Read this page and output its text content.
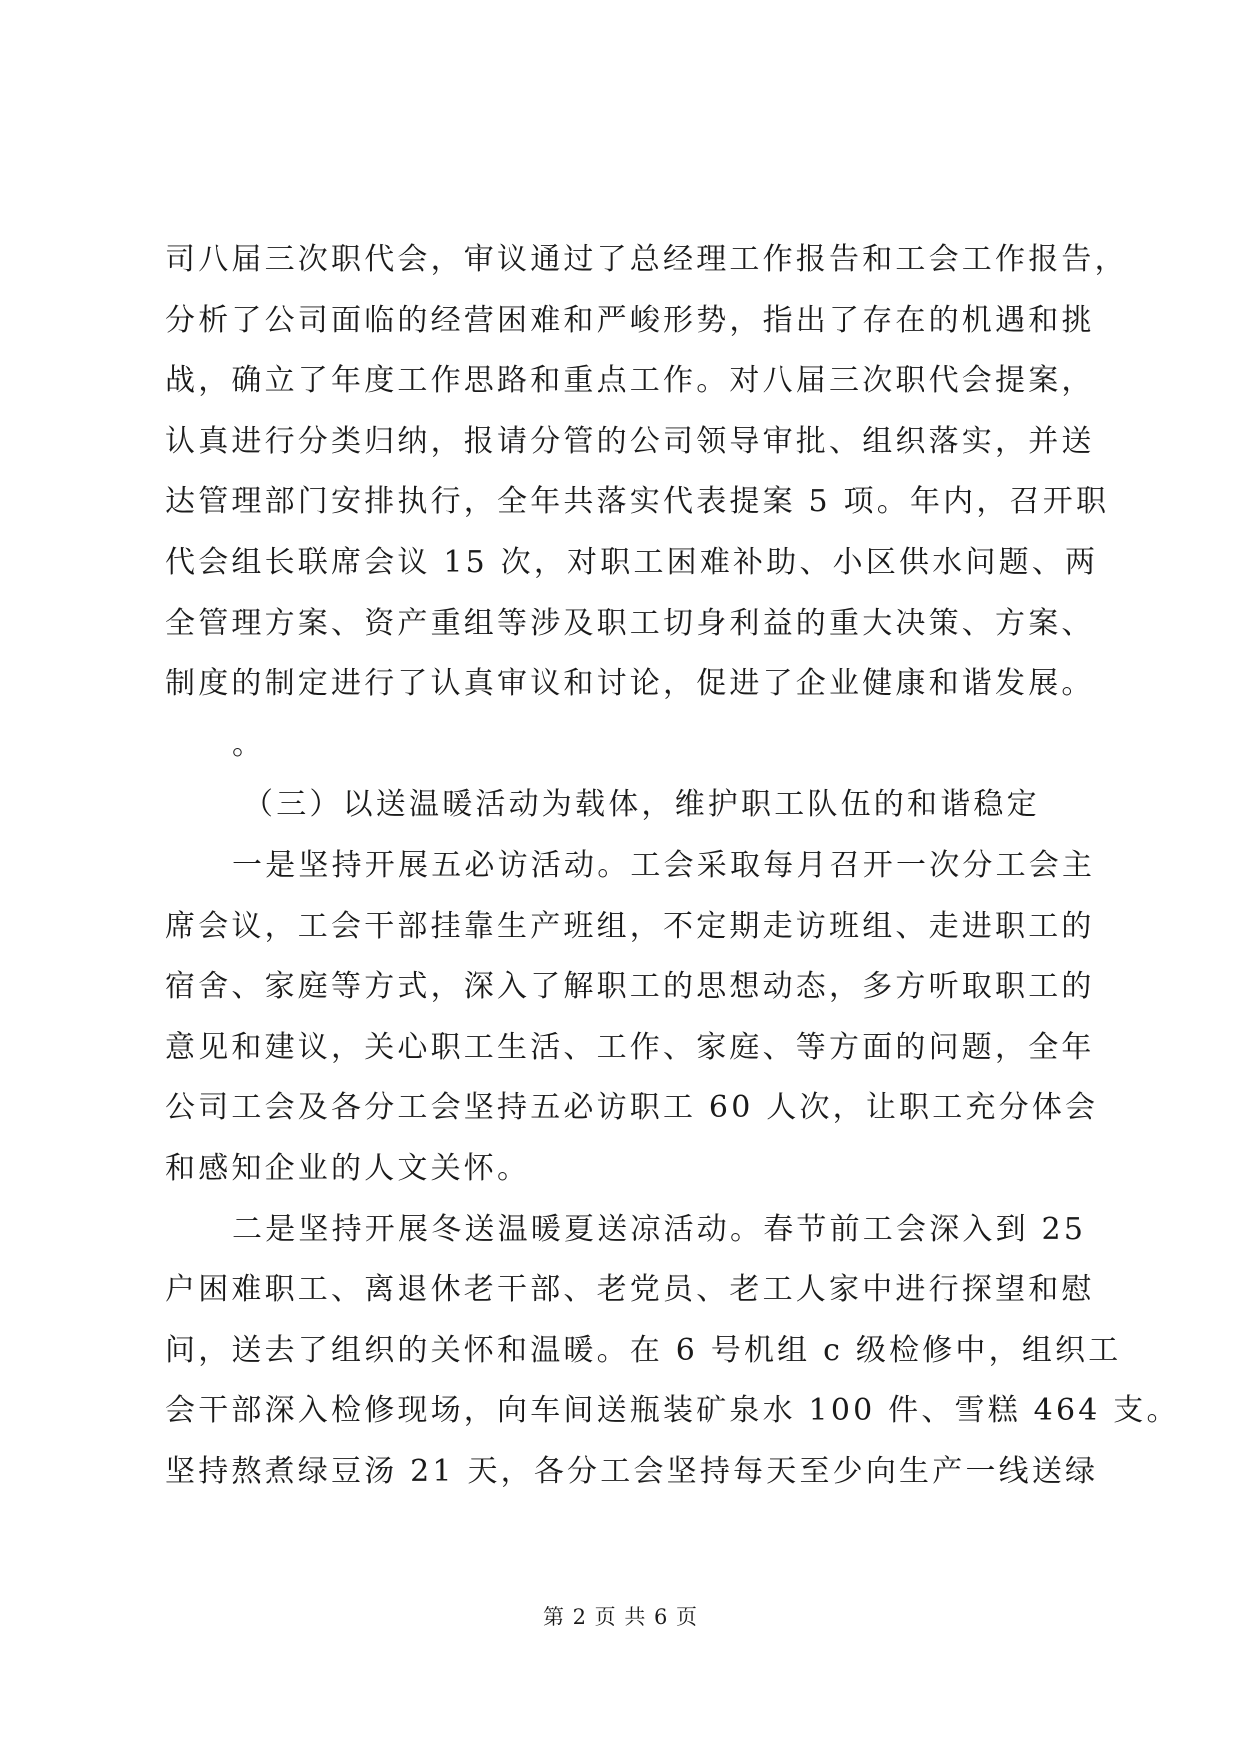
司八届三次职代会，审议通过了总经理工作报告和工会工作报告，

分析了公司面临的经营困难和严峻形势，指出了存在的机遇和挑

战，确立了年度工作思路和重点工作。对八届三次职代会提案，

认真进行分类归纳，报请分管的公司领导审批、组织落实，并送

达管理部门安排执行，全年共落实代表提案 5 项。年内，召开职

代会组长联席会议 15 次，对职工困难补助、小区供水问题、两

全管理方案、资产重组等涉及职工切身利益的重大决策、方案、

制度的制定进行了认真审议和讨论，促进了企业健康和谐发展。

。

（三）以送温暖活动为载体，维护职工队伍的和谐稳定

一是坚持开展五必访活动。工会采取每月召开一次分工会主

席会议，工会干部挂靠生产班组，不定期走访班组、走进职工的

宿舍、家庭等方式，深入了解职工的思想动态，多方听取职工的

意见和建议，关心职工生活、工作、家庭、等方面的问题，全年

公司工会及各分工会坚持五必访职工 60 人次，让职工充分体会

和感知企业的人文关怀。

二是坚持开展冬送温暖夏送凉活动。春节前工会深入到 25

户困难职工、离退休老干部、老党员、老工人家中进行探望和慰

问，送去了组织的关怀和温暖。在 6 号机组 c 级检修中，组织工

会干部深入检修现场，向车间送瓶装矿泉水 100 件、雪糕 464 支。

坚持熬煮绿豆汤 21 天，各分工会坚持每天至少向生产一线送绿

第 2 页 共 6 页
